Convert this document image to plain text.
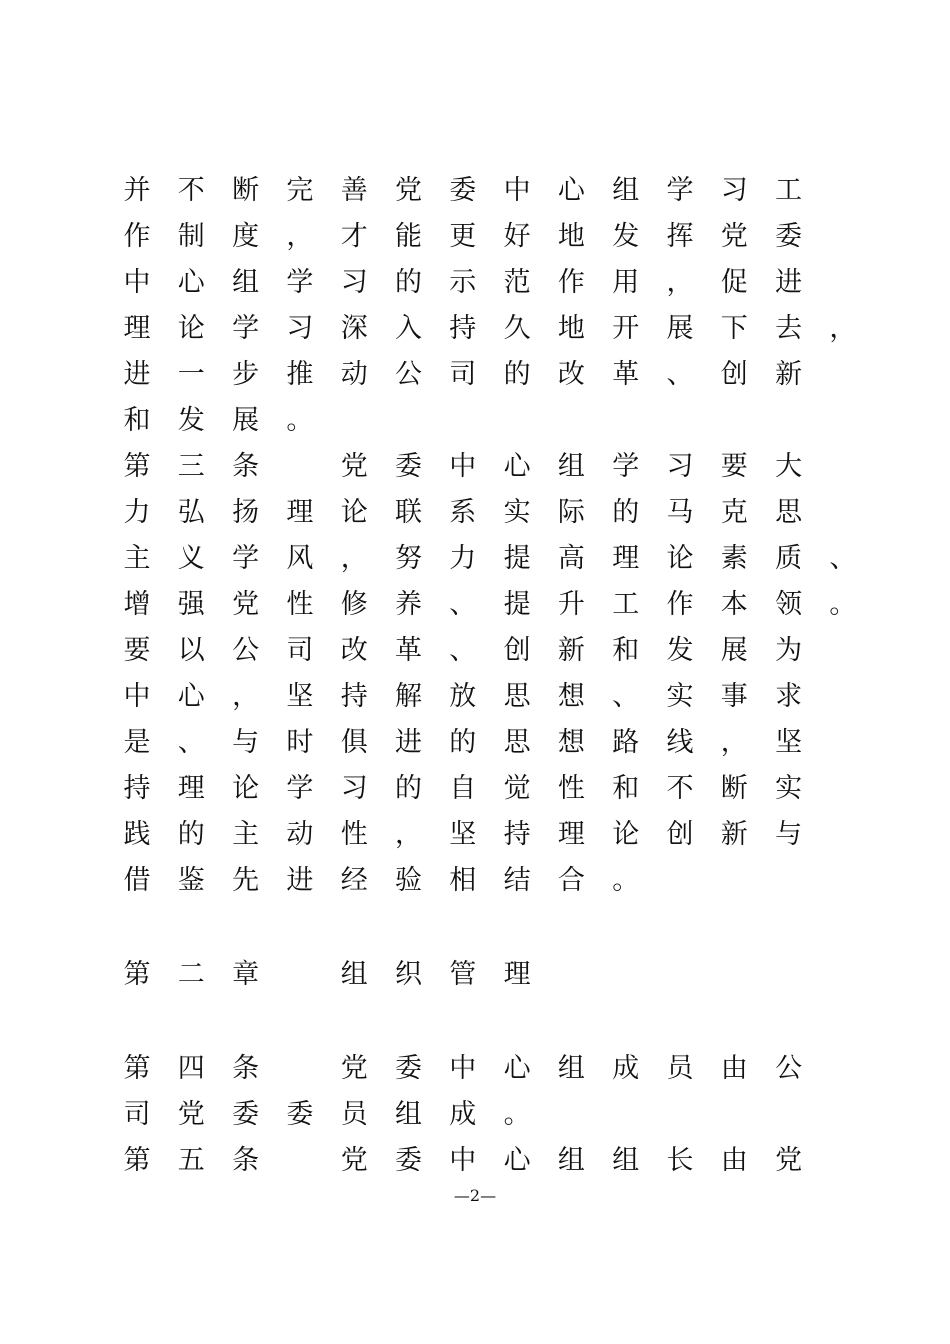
并	不	断	完	善	党	委	中	心	组	学	习	工
作	制	度	，	才	能	更	好	地	发	挥	党	委
中	心	组	学	习	的	示	范	作	用	，	促	进
理	论	学	习	深	入	持	久	地	开	展	下	去	，
进	一	步	推	动	公	司	的	改	革	、	创	新
和	发	展	。
第	三	条	党	委	中	心	组	学	习	要	大
力	弘	扬	理	论	联	系	实	际	的	马	克	思
主	义	学	风	，	努	力	提	高	理	论	素	质	、
增	强	党	性	修	养	、	提	升	工	作	本	领	。
要	以	公	司	改	革	、	创	新	和	发	展	为
中	心	，	坚	持	解	放	思	想	、	实	事	求
是	、	与	时	俱	进	的	思	想	路	线	，	坚
持	理	论	学	习	的	自	觉	性	和	不	断	实
践	的	主	动	性	，	坚	持	理	论	创	新	与
借	鉴	先	进	经	验	相	结	合	。
第	二	章	组	织	管	理
第	四	条	党	委	中	心	组	成	员	由	公
司	党	委	委	员	组	成	。
第	五	条	党	委	中	心	组	组	长	由	党
—2—
